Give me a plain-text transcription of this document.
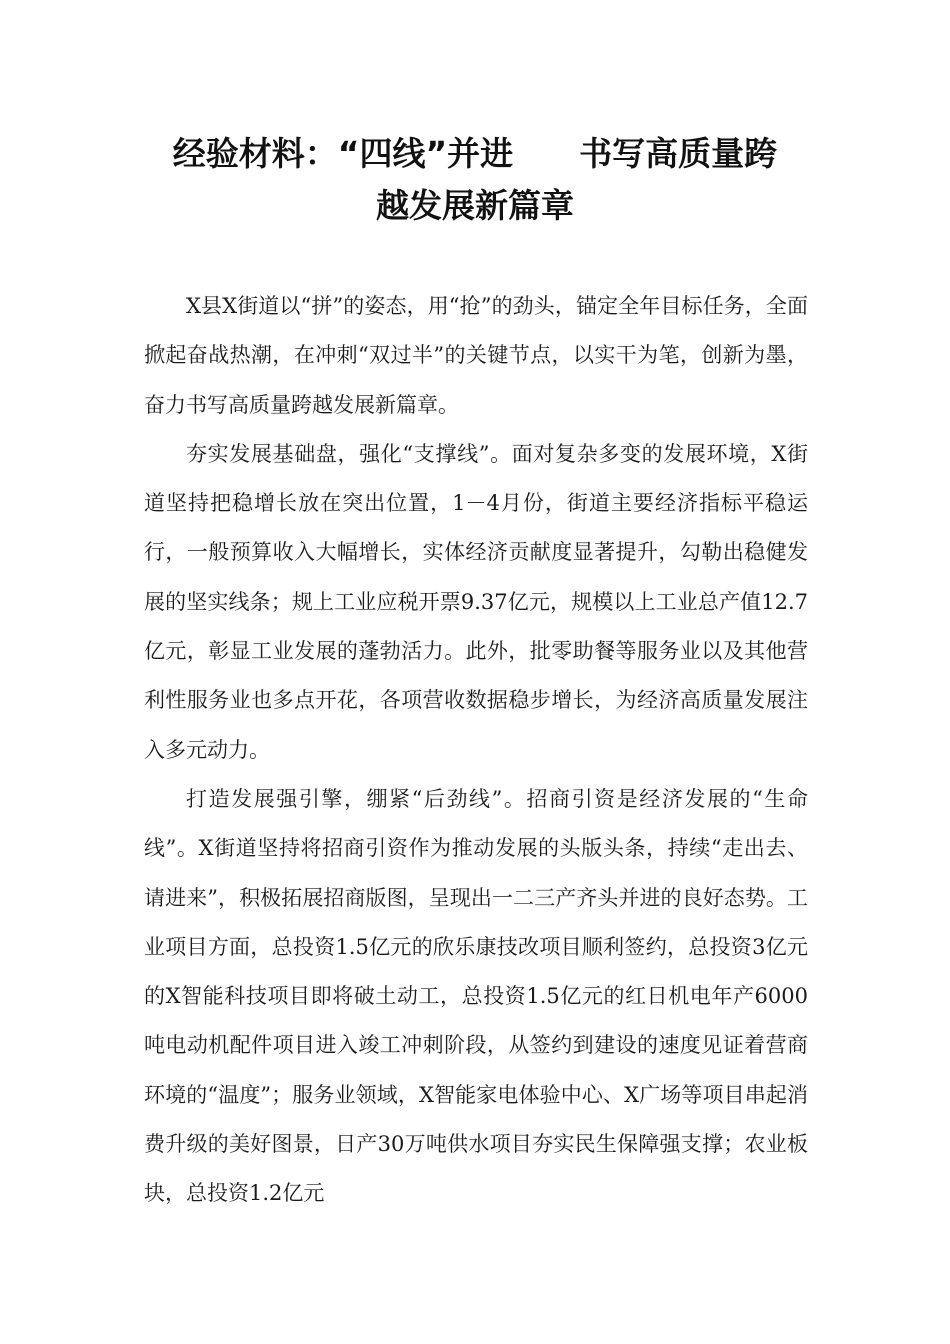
经验材料：“四线”并进　　书写高质量跨
越发展新篇章

X县X街道以“拼”的姿态，用“抢”的劲头，锚定全年目标任务，全面掀起奋战热潮，在冲刺“双过半”的关键节点，以实干为笔，创新为墨，奋力书写高质量跨越发展新篇章。

夯实发展基础盘，强化“支撑线”。面对复杂多变的发展环境，X街道坚持把稳增长放在突出位置，1－4月份，街道主要经济指标平稳运行，一般预算收入大幅增长，实体经济贡献度显著提升，勾勒出稳健发展的坚实线条；规上工业应税开票9.37亿元，规模以上工业总产值12.7亿元，彰显工业发展的蓬勃活力。此外，批零助餐等服务业以及其他营利性服务业也多点开花，各项营收数据稳步增长，为经济高质量发展注入多元动力。

打造发展强引擎，绷紧“后劲线”。招商引资是经济发展的“生命线”。X街道坚持将招商引资作为推动发展的头版头条，持续“走出去、请进来”，积极拓展招商版图，呈现出一二三产齐头并进的良好态势。工业项目方面，总投资1.5亿元的欣乐康技改项目顺利签约，总投资3亿元的X智能科技项目即将破土动工，总投资1.5亿元的红日机电年产6000吨电动机配件项目进入竣工冲刺阶段，从签约到建设的速度见证着营商环境的“温度”；服务业领域，X智能家电体验中心、X广场等项目串起消费升级的美好图景，日产30万吨供水项目夯实民生保障强支撑；农业板块，总投资1.2亿元
